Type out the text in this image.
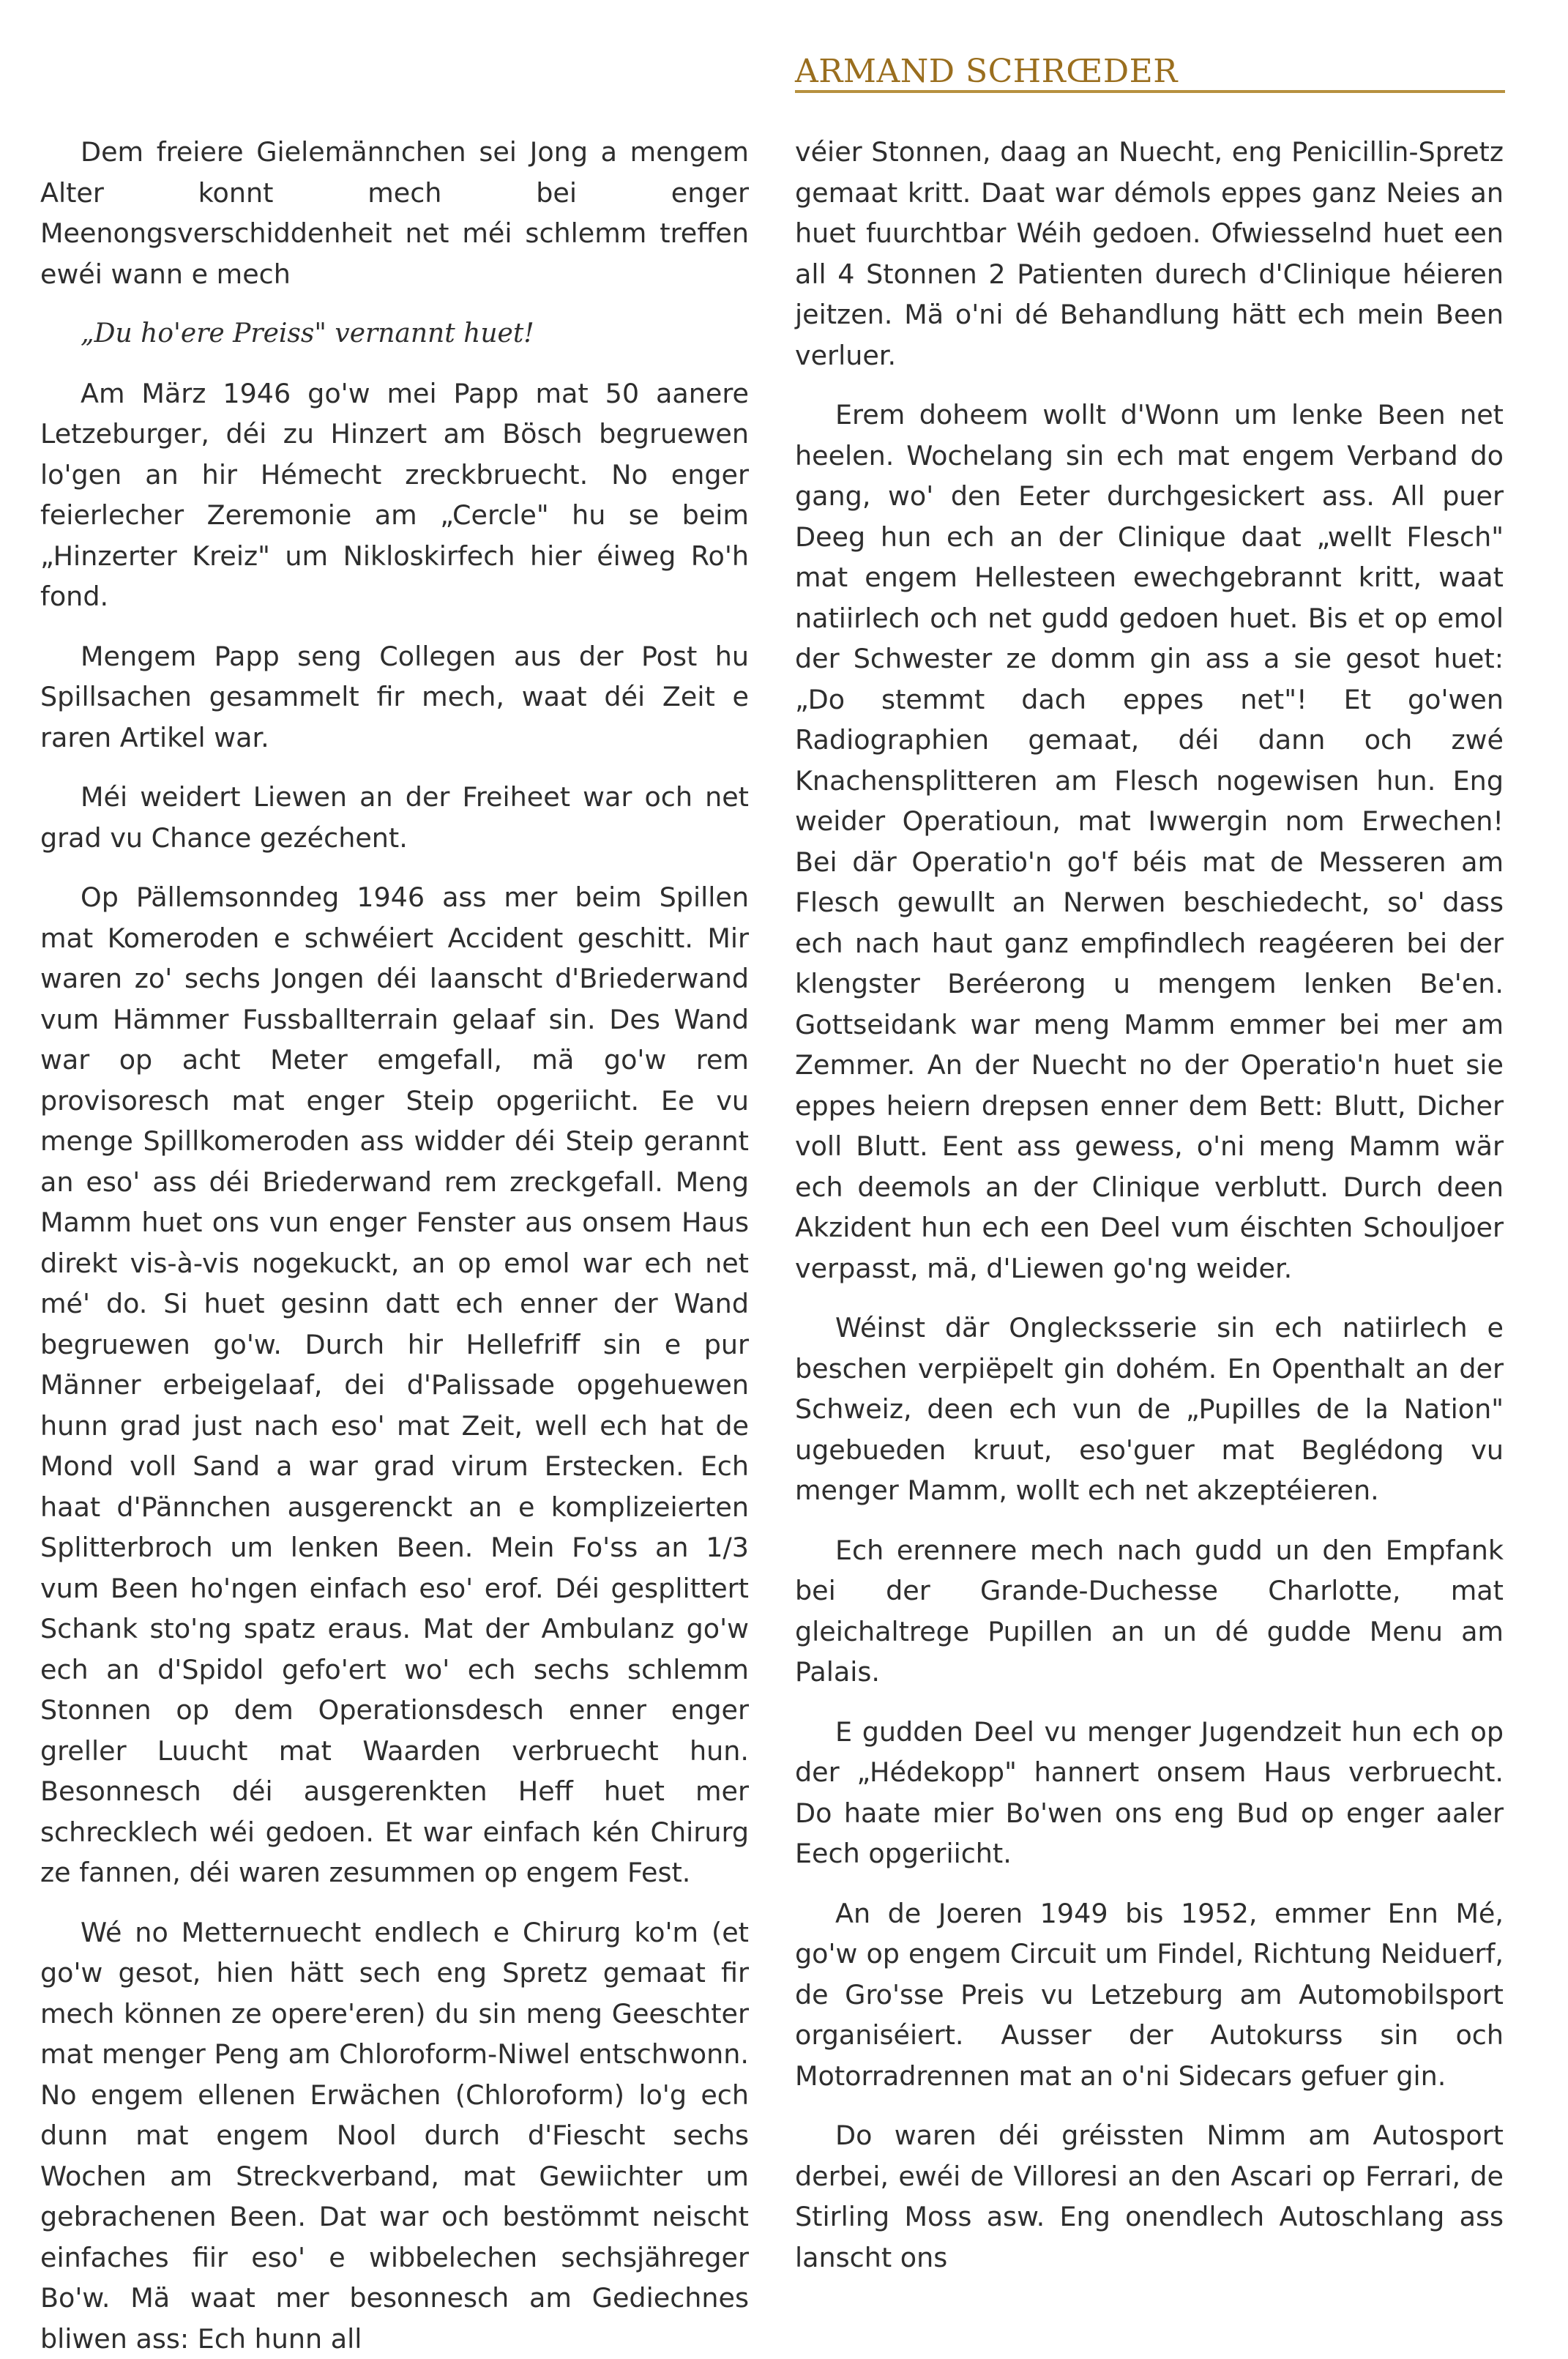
ARMAND SCHRŒDER

Dem freiere Gielemännchen sei Jong a mengem Alter konnt mech bei enger Meenongsverschiddenheit net méi schlemm treffen ewéi wann e mech

„Du ho'ere Preiss" vernannt huet!

Am März 1946 go'w mei Papp mat 50 aanere Letzeburger, déi zu Hinzert am Bösch begruewen lo'gen an hir Hémecht zreckbruecht. No enger feierlecher Zeremonie am „Cercle" hu se beim „Hinzerter Kreiz" um Nikloskirfech hier éiweg Ro'h fond.

Mengem Papp seng Collegen aus der Post hu Spillsachen gesammelt fir mech, waat déi Zeit e raren Artikel war.

Méi weidert Liewen an der Freiheet war och net grad vu Chance gezéchent.

Op Pällemsonndeg 1946 ass mer beim Spillen mat Komeroden e schwéiert Accident geschitt. Mir waren zo' sechs Jongen déi laanscht d'Briederwand vum Hämmer Fussballterrain gelaaf sin. Des Wand war op acht Meter emgefall, mä go'w rem provisoresch mat enger Steip opgeriicht. Ee vu menge Spillkomeroden ass widder déi Steip gerannt an eso' ass déi Briederwand rem zreckgefall. Meng Mamm huet ons vun enger Fenster aus onsem Haus direkt vis-à-vis nogekuckt, an op emol war ech net mé' do. Si huet gesinn datt ech enner der Wand begruewen go'w. Durch hir Hellefriff sin e pur Männer erbeigelaaf, dei d'Palissade opgehuewen hunn grad just nach eso' mat Zeit, well ech hat de Mond voll Sand a war grad virum Erstecken. Ech haat d'Pännchen ausgerenckt an e komplizeierten Splitterbroch um lenken Been. Mein Fo'ss an 1/3 vum Been ho'ngen einfach eso' erof. Déi gesplittert Schank sto'ng spatz eraus. Mat der Ambulanz go'w ech an d'Spidol gefo'ert wo' ech sechs schlemm Stonnen op dem Operationsdesch enner enger greller Luucht mat Waarden verbruecht hun. Besonnesch déi ausgerenkten Heff huet mer schrecklech wéi gedoen. Et war einfach kén Chirurg ze fannen, déi waren zesummen op engem Fest.

Wé no Metternuecht endlech e Chirurg ko'm (et go'w gesot, hien hätt sech eng Spretz gemaat fir mech können ze opere'eren) du sin meng Geeschter mat menger Peng am Chloroform-Niwel entschwonn. No engem ellenen Erwächen (Chloroform) lo'g ech dunn mat engem Nool durch d'Fiescht sechs Wochen am Streckverband, mat Gewiichter um gebrachenen Been. Dat war och bestömmt neischt einfaches fiir eso' e wibbelechen sechsjähreger Bo'w. Mä waat mer besonnesch am Gediechnes bliwen ass: Ech hunn all

véier Stonnen, daag an Nuecht, eng Penicillin-Spretz gemaat kritt. Daat war démols eppes ganz Neies an huet fuurchtbar Wéih gedoen. Ofwiesselnd huet een all 4 Stonnen 2 Patienten durech d'Clinique héieren jeitzen. Mä o'ni dé Behandlung hätt ech mein Been verluer.

Erem doheem wollt d'Wonn um lenke Been net heelen. Wochelang sin ech mat engem Verband do gang, wo' den Eeter durchgesickert ass. All puer Deeg hun ech an der Clinique daat „wellt Flesch" mat engem Hellesteen ewechgebrannt kritt, waat natiirlech och net gudd gedoen huet. Bis et op emol der Schwester ze domm gin ass a sie gesot huet: „Do stemmt dach eppes net"! Et go'wen Radiographien gemaat, déi dann och zwé Knachensplitteren am Flesch nogewisen hun. Eng weider Operatioun, mat Iwwergin nom Erwechen! Bei där Operatio'n go'f béis mat de Messeren am Flesch gewullt an Nerwen beschiedecht, so' dass ech nach haut ganz empfindlech reagéeren bei der klengster Beréerong u mengem lenken Be'en. Gottseidank war meng Mamm emmer bei mer am Zemmer. An der Nuecht no der Operatio'n huet sie eppes heiern drepsen enner dem Bett: Blutt, Dicher voll Blutt. Eent ass gewess, o'ni meng Mamm wär ech deemols an der Clinique verblutt. Durch deen Akzident hun ech een Deel vum éischten Schouljoer verpasst, mä, d'Liewen go'ng weider.

Wéinst där Onglecksserie sin ech natiirlech e beschen verpiëpelt gin dohém. En Openthalt an der Schweiz, deen ech vun de „Pupilles de la Nation" ugebueden kruut, eso'guer mat Beglédong vu menger Mamm, wollt ech net akzeptéieren.

Ech erennere mech nach gudd un den Empfank bei der Grande-Duchesse Charlotte, mat gleichaltrege Pupillen an un dé gudde Menu am Palais.

E gudden Deel vu menger Jugendzeit hun ech op der „Hédekopp" hannert onsem Haus verbruecht. Do haate mier Bo'wen ons eng Bud op enger aaler Eech opgeriicht.

An de Joeren 1949 bis 1952, emmer Enn Mé, go'w op engem Circuit um Findel, Richtung Neiduerf, de Gro'sse Preis vu Letzeburg am Automobilsport organiséiert. Ausser der Autokurss sin och Motorradrennen mat an o'ni Sidecars gefuer gin.

Do waren déi gréissten Nimm am Autosport derbei, ewéi de Villoresi an den Ascari op Ferrari, de Stirling Moss asw. Eng onendlech Autoschlang ass lanscht ons
